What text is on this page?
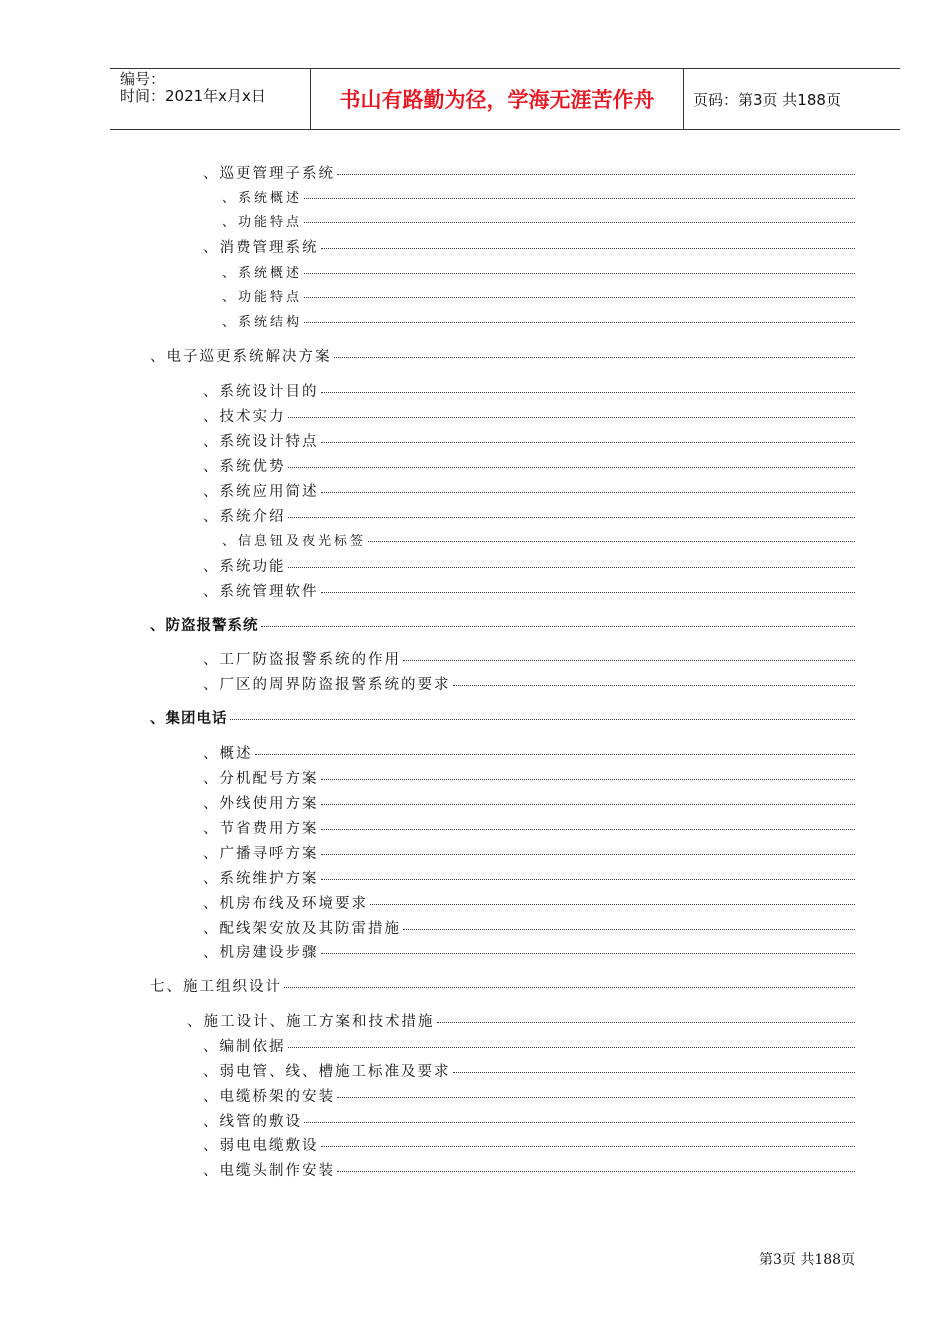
编号：
时间：2021年x月x日	书山有路勤为径，学海无涯苦作舟	页码：第3页 共188页
、巡更管理子系统
、系统概述
、功能特点
、消费管理系统
、系统概述
、功能特点
、系统结构
、电子巡更系统解决方案
、系统设计目的
、技术实力
、系统设计特点
、系统优势
、系统应用简述
、系统介绍
、信息钮及夜光标签
、系统功能
、系统管理软件
、防盗报警系统
、工厂防盗报警系统的作用
、厂区的周界防盗报警系统的要求
、集团电话
、概述
、分机配号方案
、外线使用方案
、节省费用方案
、广播寻呼方案
、系统维护方案
、机房布线及环境要求
、配线架安放及其防雷措施
、机房建设步骤
七、施工组织设计
、施工设计、施工方案和技术措施
、编制依据
、弱电管、线、槽施工标准及要求
、电缆桥架的安装
、线管的敷设
、弱电电缆敷设
、电缆头制作安装
第3页 共188页
